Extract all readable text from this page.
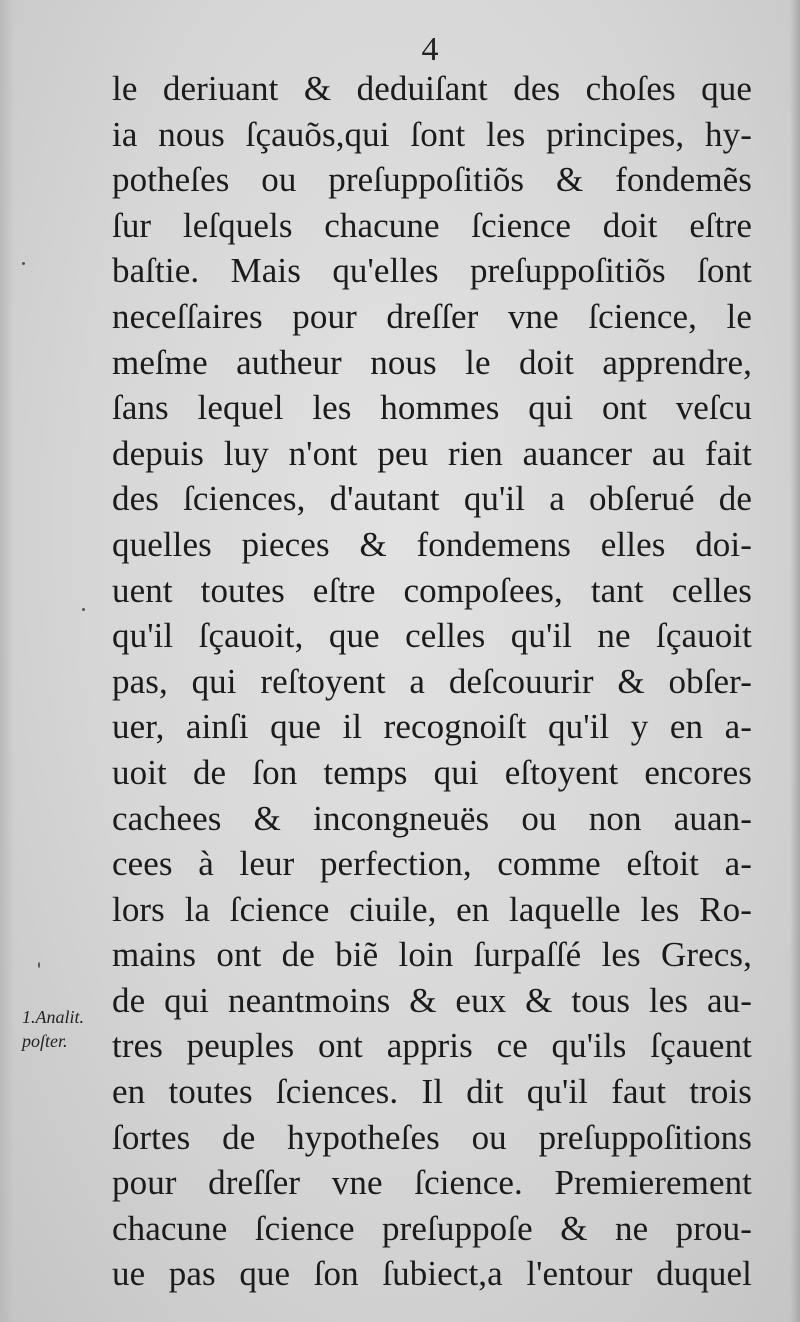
4
le deriuant & deduiſant des choſes que
ia nous ſçauõs,qui ſont les principes, hy-
potheſes ou preſuppoſitiõs & fondemẽs
ſur leſquels chacune ſcience doit eſtre
baſtie. Mais qu'elles preſuppoſitiõs ſont
neceſſaires pour dreſſer vne ſcience, le
meſme autheur nous le doit apprendre,
ſans lequel les hommes qui ont veſcu
depuis luy n'ont peu rien auancer au fait
des ſciences, d'autant qu'il a obſerué de
quelles pieces & fondemens elles doi-
uent toutes eſtre compoſees, tant celles
qu'il ſçauoit, que celles qu'il ne ſçauoit
pas, qui reſtoyent a deſcouurir & obſer-
uer, ainſi que il recognoiſt qu'il y en a-
uoit de ſon temps qui eſtoyent encores
cachees & incongneuës ou non auan-
cees à leur perfection, comme eſtoit a-
lors la ſcience ciuile, en laquelle les Ro-
mains ont de biẽ loin ſurpaſſé les Grecs,
de qui neantmoins & eux & tous les au-
tres peuples ont appris ce qu'ils ſçauent
en toutes ſciences. Il dit qu'il faut trois
ſortes de hypotheſes ou preſuppoſitions
pour dreſſer vne ſcience. Premierement
chacune ſcience preſuppoſe & ne prou-
ue pas que ſon ſubiect,a l'entour duquel
1.Analit.
poſter.
